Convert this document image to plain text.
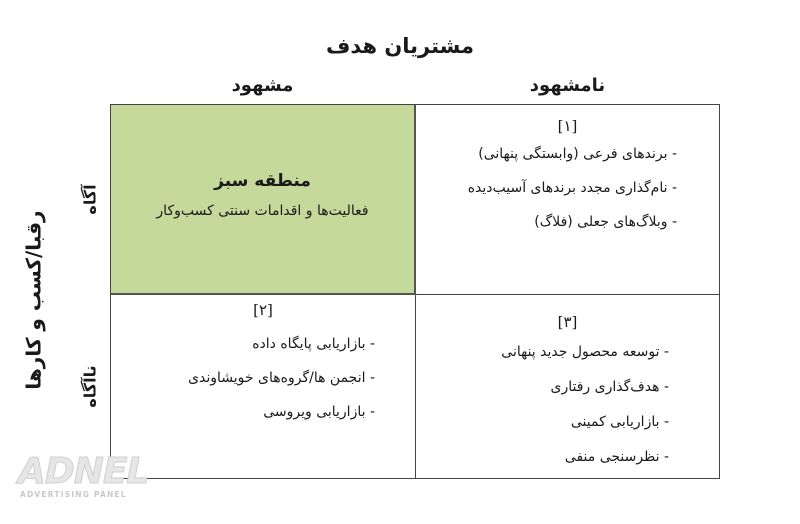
مشتریان هدف
مشهود	نامشهود
رقبا/کسب و کارها
آگاه
ناآگاه
منطقه سبز
فعالیت‌ها و اقدامات سنتی کسب‌وکار
[۱]
- برندهای فرعی (وابستگی پنهانی)
- نام‌گذاری مجدد برندهای آسیب‌دیده
- وبلاگ‌های جعلی (فلاگ)
[۲]
- بازاریابی پایگاه داده
- انجمن ها/گروه‌های خویشاوندی
- بازاریابی ویروسی
[۳]
- توسعه محصول جدید پنهانی
- هدف‌گذاری رفتاری
- بازاریابی کمینی
- نظرسنجی منفی
ADNEL
ADVERTISING PANEL
